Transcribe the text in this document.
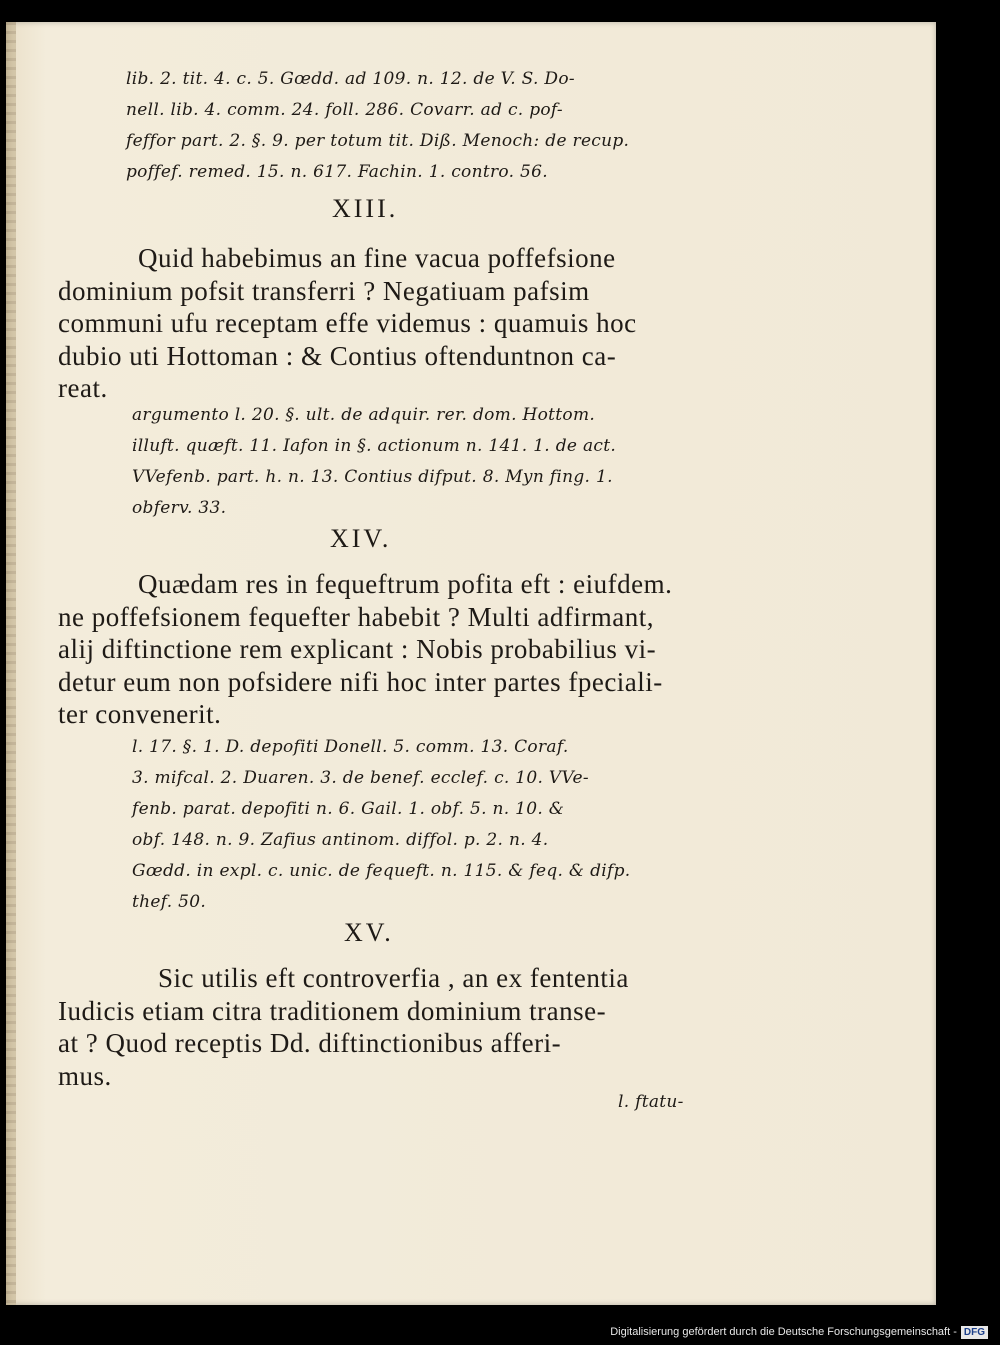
lib. 2. tit. 4. c. 5. Gœdd. ad 109. n. 12. de V. S. Do-
nell. lib. 4. comm. 24. foll. 286. Covarr. ad c. pof-
feffor part. 2. §. 9. per totum tit. Diß. Menoch: de recup.
poffef. remed. 15. n. 617. Fachin. 1. contro. 56.
XIII.
Quid habebimus an fine vacua poffefsione
dominium pofsit transferri ? Negatiuam pafsim
communi ufu receptam effe videmus : quamuis hoc
dubio uti Hottoman : & Contius oftenduntnon ca-
reat.
argumento l. 20. §. ult. de adquir. rer. dom. Hottom.
illuft. quæft. 11. Iafon in §. actionum n. 141. 1. de act.
VVefenb. part. h. n. 13. Contius difput. 8. Myn fing. 1.
obferv. 33.
XIV.
Quædam res in fequeftrum pofita eft : eiufdem.
ne poffefsionem fequefter habebit ? Multi adfirmant,
alij diftinctione rem explicant : Nobis probabilius vi-
detur eum non pofsidere nifi hoc inter partes fpeciali-
ter convenerit.
l. 17. §. 1. D. depofiti Donell. 5. comm. 13. Coraf.
3. mifcal. 2. Duaren. 3. de benef. ecclef. c. 10. VVe-
fenb. parat. depofiti n. 6. Gail. 1. obf. 5. n. 10. &
obf. 148. n. 9. Zafius antinom. diffol. p. 2. n. 4.
Gœdd. in expl. c. unic. de fequeft. n. 115. & feq. & difp.
thef. 50.
XV.
Sic utilis eft controverfia , an ex fententia
Iudicis etiam citra traditionem dominium transe-
at ? Quod receptis Dd. diftinctionibus afferi-
mus.
l. ftatu-
Digitalisierung gefördert durch die Deutsche Forschungsgemeinschaft - DFG
